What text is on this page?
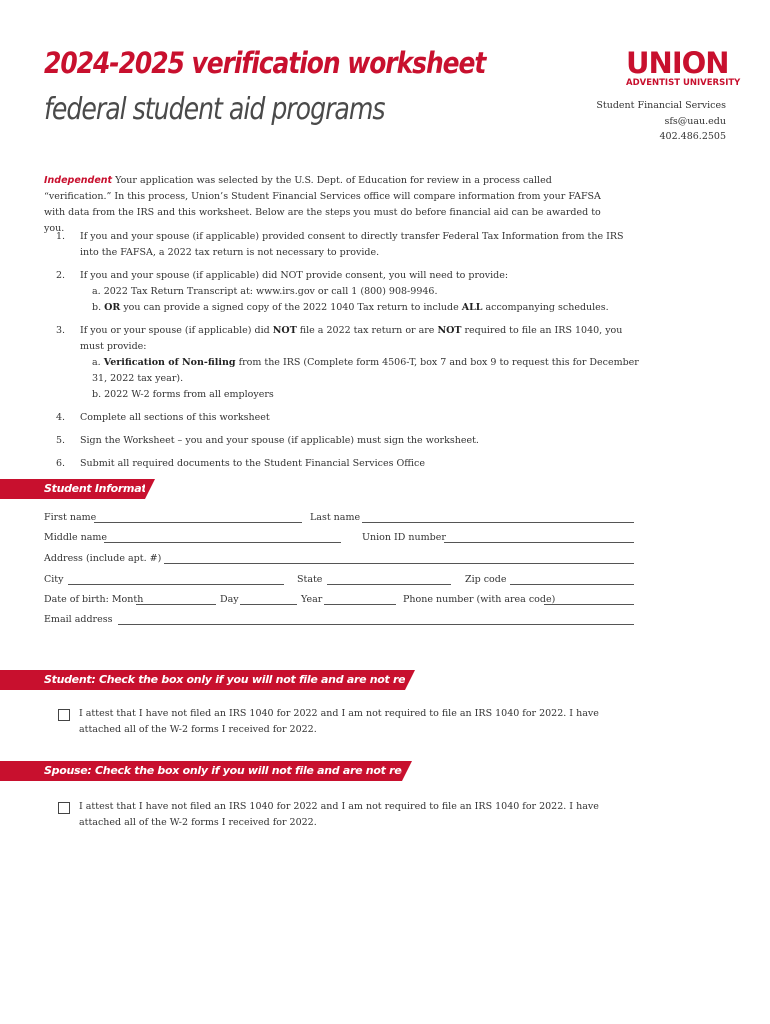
2024-2025 verification worksheet
federal student aid programs
UNION
ADVENTIST UNIVERSITY
Student Financial Services
sfs@uau.edu
402.486.2505
Independent Your application was selected by the U.S. Dept. of Education for review in a process called “verification.” In this process, Union’s Student Financial Services office will compare information from your FAFSA with data from the IRS and this worksheet. Below are the steps you must do before financial aid can be awarded to you.
1. If you and your spouse (if applicable) provided consent to directly transfer Federal Tax Information from the IRS into the FAFSA, a 2022 tax return is not necessary to provide.
2. If you and your spouse (if applicable) did NOT provide consent, you will need to provide:
a. 2022 Tax Return Transcript at: www.irs.gov or call 1 (800) 908-9946.
b. OR you can provide a signed copy of the 2022 1040 Tax return to include ALL accompanying schedules.
3. If you or your spouse (if applicable) did NOT file a 2022 tax return or are NOT required to file an IRS 1040, you must provide:
a. Verification of Non-filing from the IRS (Complete form 4506-T, box 7 and box 9 to request this for December 31, 2022 tax year).
b. 2022 W-2 forms from all employers
4. Complete all sections of this worksheet
5. Sign the Worksheet – you and your spouse (if applicable) must sign the worksheet.
6. Submit all required documents to the Student Financial Services Office
Student Information
First name	Last name
Middle name	Union ID number
Address (include apt. #)
City	State	Zip code
Date of birth: Month	Day	Year	Phone number (with area code)
Email address
Student: Check the box only if you will not file and are not required to file
I attest that I have not filed an IRS 1040 for 2022 and I am not required to file an IRS 1040 for 2022. I have attached all of the W-2 forms I received for 2022.
Spouse: Check the box only if you will not file and are not required to file
I attest that I have not filed an IRS 1040 for 2022 and I am not required to file an IRS 1040 for 2022. I have attached all of the W-2 forms I received for 2022.
